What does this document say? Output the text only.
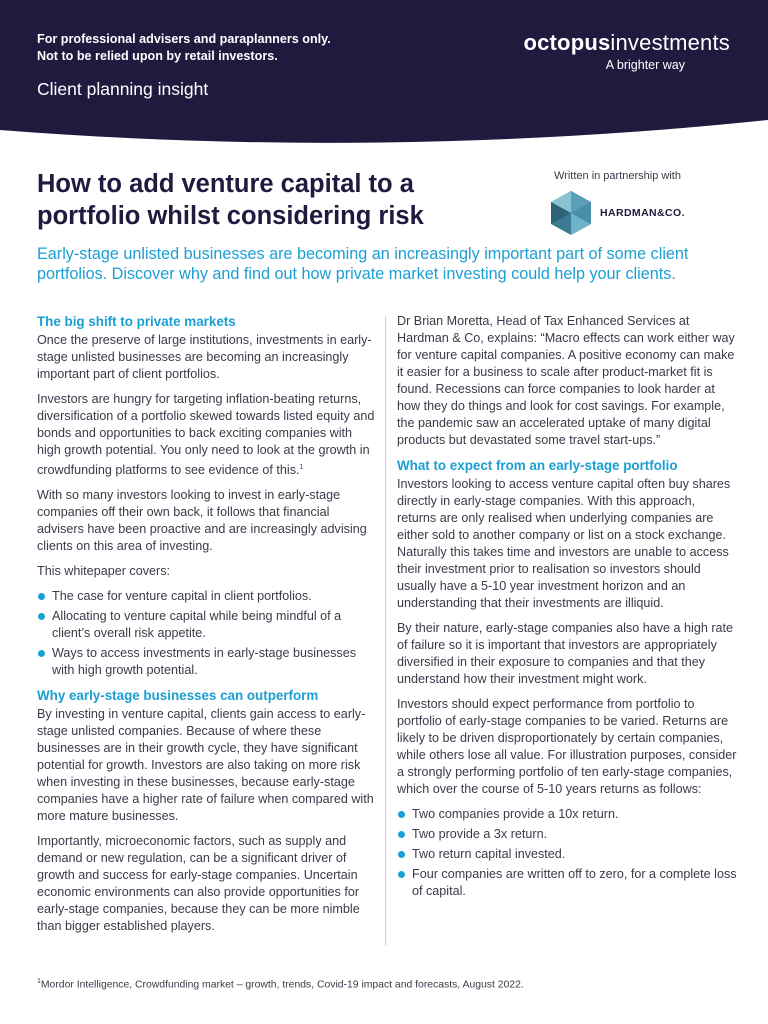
For professional advisers and paraplanners only.
Not to be relied upon by retail investors.
Client planning insight
octopusinvestments
A brighter way
How to add venture capital to a portfolio whilst considering risk
Written in partnership with
HARDMAN&CO.

Early-stage unlisted businesses are becoming an increasingly important part of some client portfolios. Discover why and find out how private market investing could help your clients.

The big shift to private markets

Once the preserve of large institutions, investments in early-stage unlisted businesses are becoming an increasingly important part of client portfolios.

Investors are hungry for targeting inflation-beating returns, diversification of a portfolio skewed towards listed equity and bonds and opportunities to back exciting companies with high growth potential. You only need to look at the growth in crowdfunding platforms to see evidence of this.$^1$

With so many investors looking to invest in early-stage companies off their own back, it follows that financial advisers have been proactive and are increasingly advising clients on this area of investing.

This whitepaper covers:

The case for venture capital in client portfolios.
Allocating to venture capital while being mindful of a client’s overall risk appetite.
Ways to access investments in early-stage businesses with high growth potential.
Why early-stage businesses can outperform

By investing in venture capital, clients gain access to early-stage unlisted companies. Because of where these businesses are in their growth cycle, they have significant potential for growth. Investors are also taking on more risk when investing in these businesses, because early-stage companies have a higher rate of failure when compared with more mature businesses.

Importantly, microeconomic factors, such as supply and demand or new regulation, can be a significant driver of growth and success for early-stage companies. Uncertain economic environments can also provide opportunities for early-stage companies, because they can be more nimble than bigger established players.

Dr Brian Moretta, Head of Tax Enhanced Services at Hardman & Co, explains: “Macro effects can work either way for venture capital companies. A positive economy can make it easier for a business to scale after product-market fit is found. Recessions can force companies to look harder at how they do things and look for cost savings. For example, the pandemic saw an accelerated uptake of many digital products but devastated some travel start-ups.”

What to expect from an early-stage portfolio

Investors looking to access venture capital often buy shares directly in early-stage companies. With this approach, returns are only realised when underlying companies are either sold to another company or list on a stock exchange. Naturally this takes time and investors are unable to access their investment prior to realisation so investors should usually have a 5-10 year investment horizon and an understanding that their investments are illiquid.

By their nature, early-stage companies also have a high rate of failure so it is important that investors are appropriately diversified in their exposure to companies and that they understand how their investment might work.

Investors should expect performance from portfolio to portfolio of early-stage companies to be varied. Returns are likely to be driven disproportionately by certain companies, while others lose all value. For illustration purposes, consider a strongly performing portfolio of ten early-stage companies, which over the course of 5-10 years returns as follows:

Two companies provide a 10x return.
Two provide a 3x return.
Two return capital invested.
Four companies are written off to zero, for a complete loss of capital.
$^1$Mordor Intelligence, Crowdfunding market – growth, trends, Covid-19 impact and forecasts, August 2022.
